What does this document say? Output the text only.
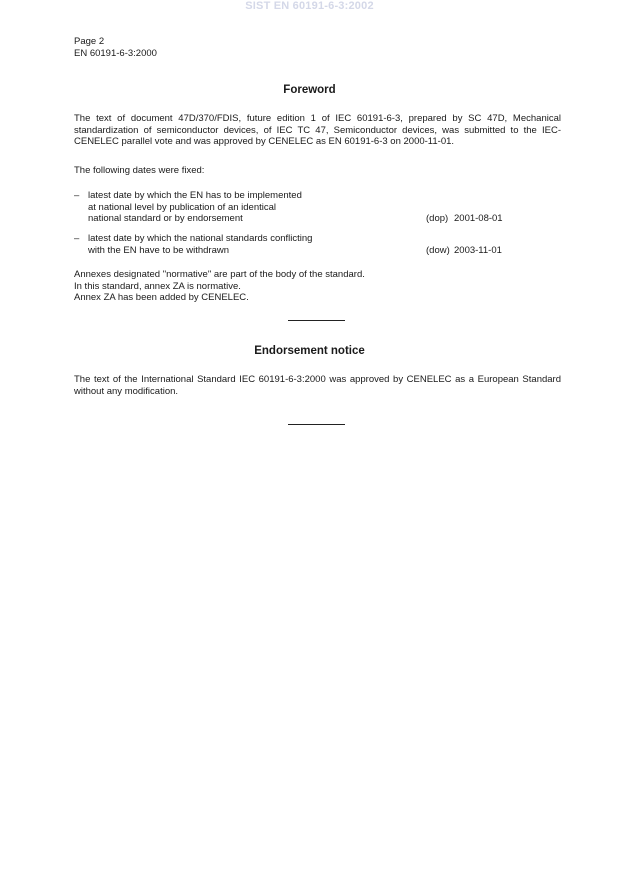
SIST EN 60191-6-3:2002
Page 2
EN 60191-6-3:2000
Foreword

The text of document 47D/370/FDIS, future edition 1 of IEC 60191-6-3, prepared by SC 47D, Mechanical standardization of semiconductor devices, of IEC TC 47, Semiconductor devices, was submitted to the IEC-CENELEC parallel vote and was approved by CENELEC as EN 60191-6-3 on 2000-11-01.

The following dates were fixed:

– latest date by which the EN has to be implemented
at national level by publication of an identical
national standard or by endorsement	(dop) 2001-08-01
– latest date by which the national standards conflicting
with the EN have to be withdrawn	(dow) 2003-11-01
Annexes designated "normative" are part of the body of the standard.
In this standard, annex ZA is normative.
Annex ZA has been added by CENELEC.
Endorsement notice

The text of the International Standard IEC 60191-6-3:2000 was approved by CENELEC as a European Standard without any modification.
